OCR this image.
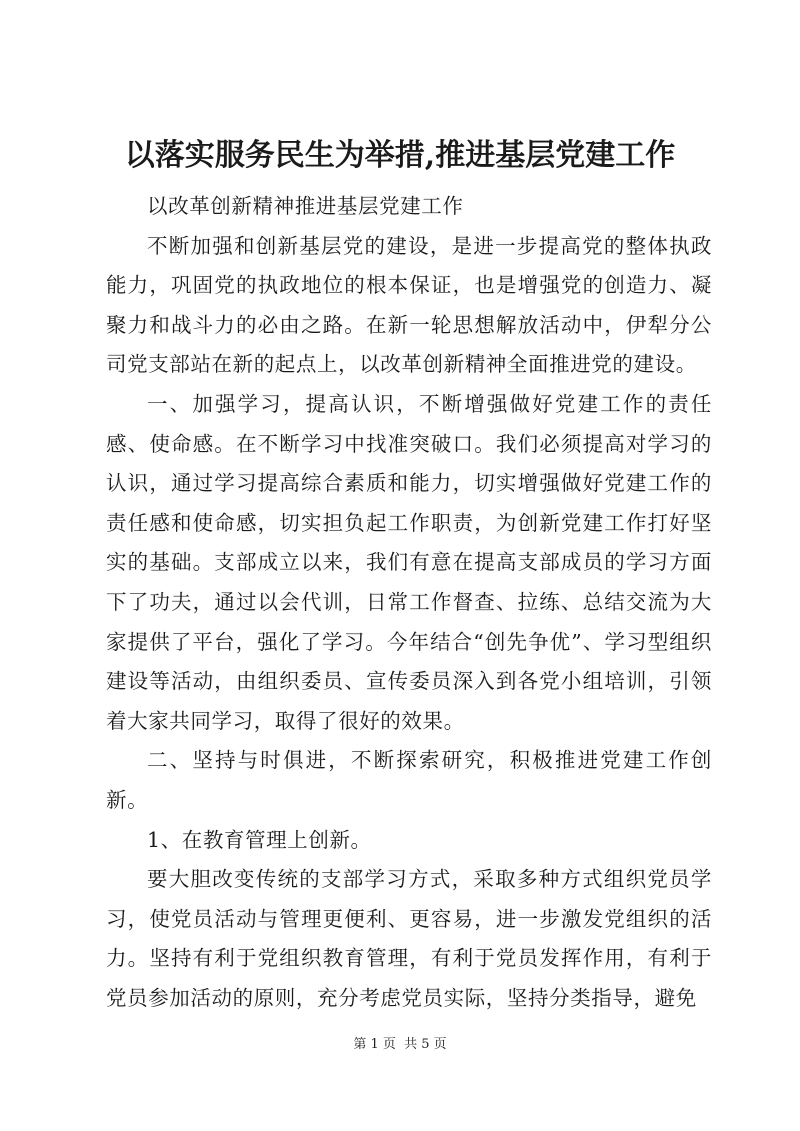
以落实服务民生为举措,推进基层党建工作

以改革创新精神推进基层党建工作

不断加强和创新基层党的建设，是进一步提高党的整体执政能力，巩固党的执政地位的根本保证，也是增强党的创造力、凝聚力和战斗力的必由之路。在新一轮思想解放活动中，伊犁分公司党支部站在新的起点上，以改革创新精神全面推进党的建设。

一、加强学习，提高认识，不断增强做好党建工作的责任感、使命感。在不断学习中找准突破口。我们必须提高对学习的认识，通过学习提高综合素质和能力，切实增强做好党建工作的责任感和使命感，切实担负起工作职责，为创新党建工作打好坚实的基础。支部成立以来，我们有意在提高支部成员的学习方面下了功夫，通过以会代训，日常工作督查、拉练、总结交流为大家提供了平台，强化了学习。今年结合“创先争优”、学习型组织建设等活动，由组织委员、宣传委员深入到各党小组培训，引领着大家共同学习，取得了很好的效果。

二、坚持与时俱进，不断探索研究，积极推进党建工作创新。

1、在教育管理上创新。

要大胆改变传统的支部学习方式，采取多种方式组织党员学习，使党员活动与管理更便利、更容易，进一步激发党组织的活力。坚持有利于党组织教育管理，有利于党员发挥作用，有利于党员参加活动的原则，充分考虑党员实际，坚持分类指导，避免

第 1 页  共 5 页
